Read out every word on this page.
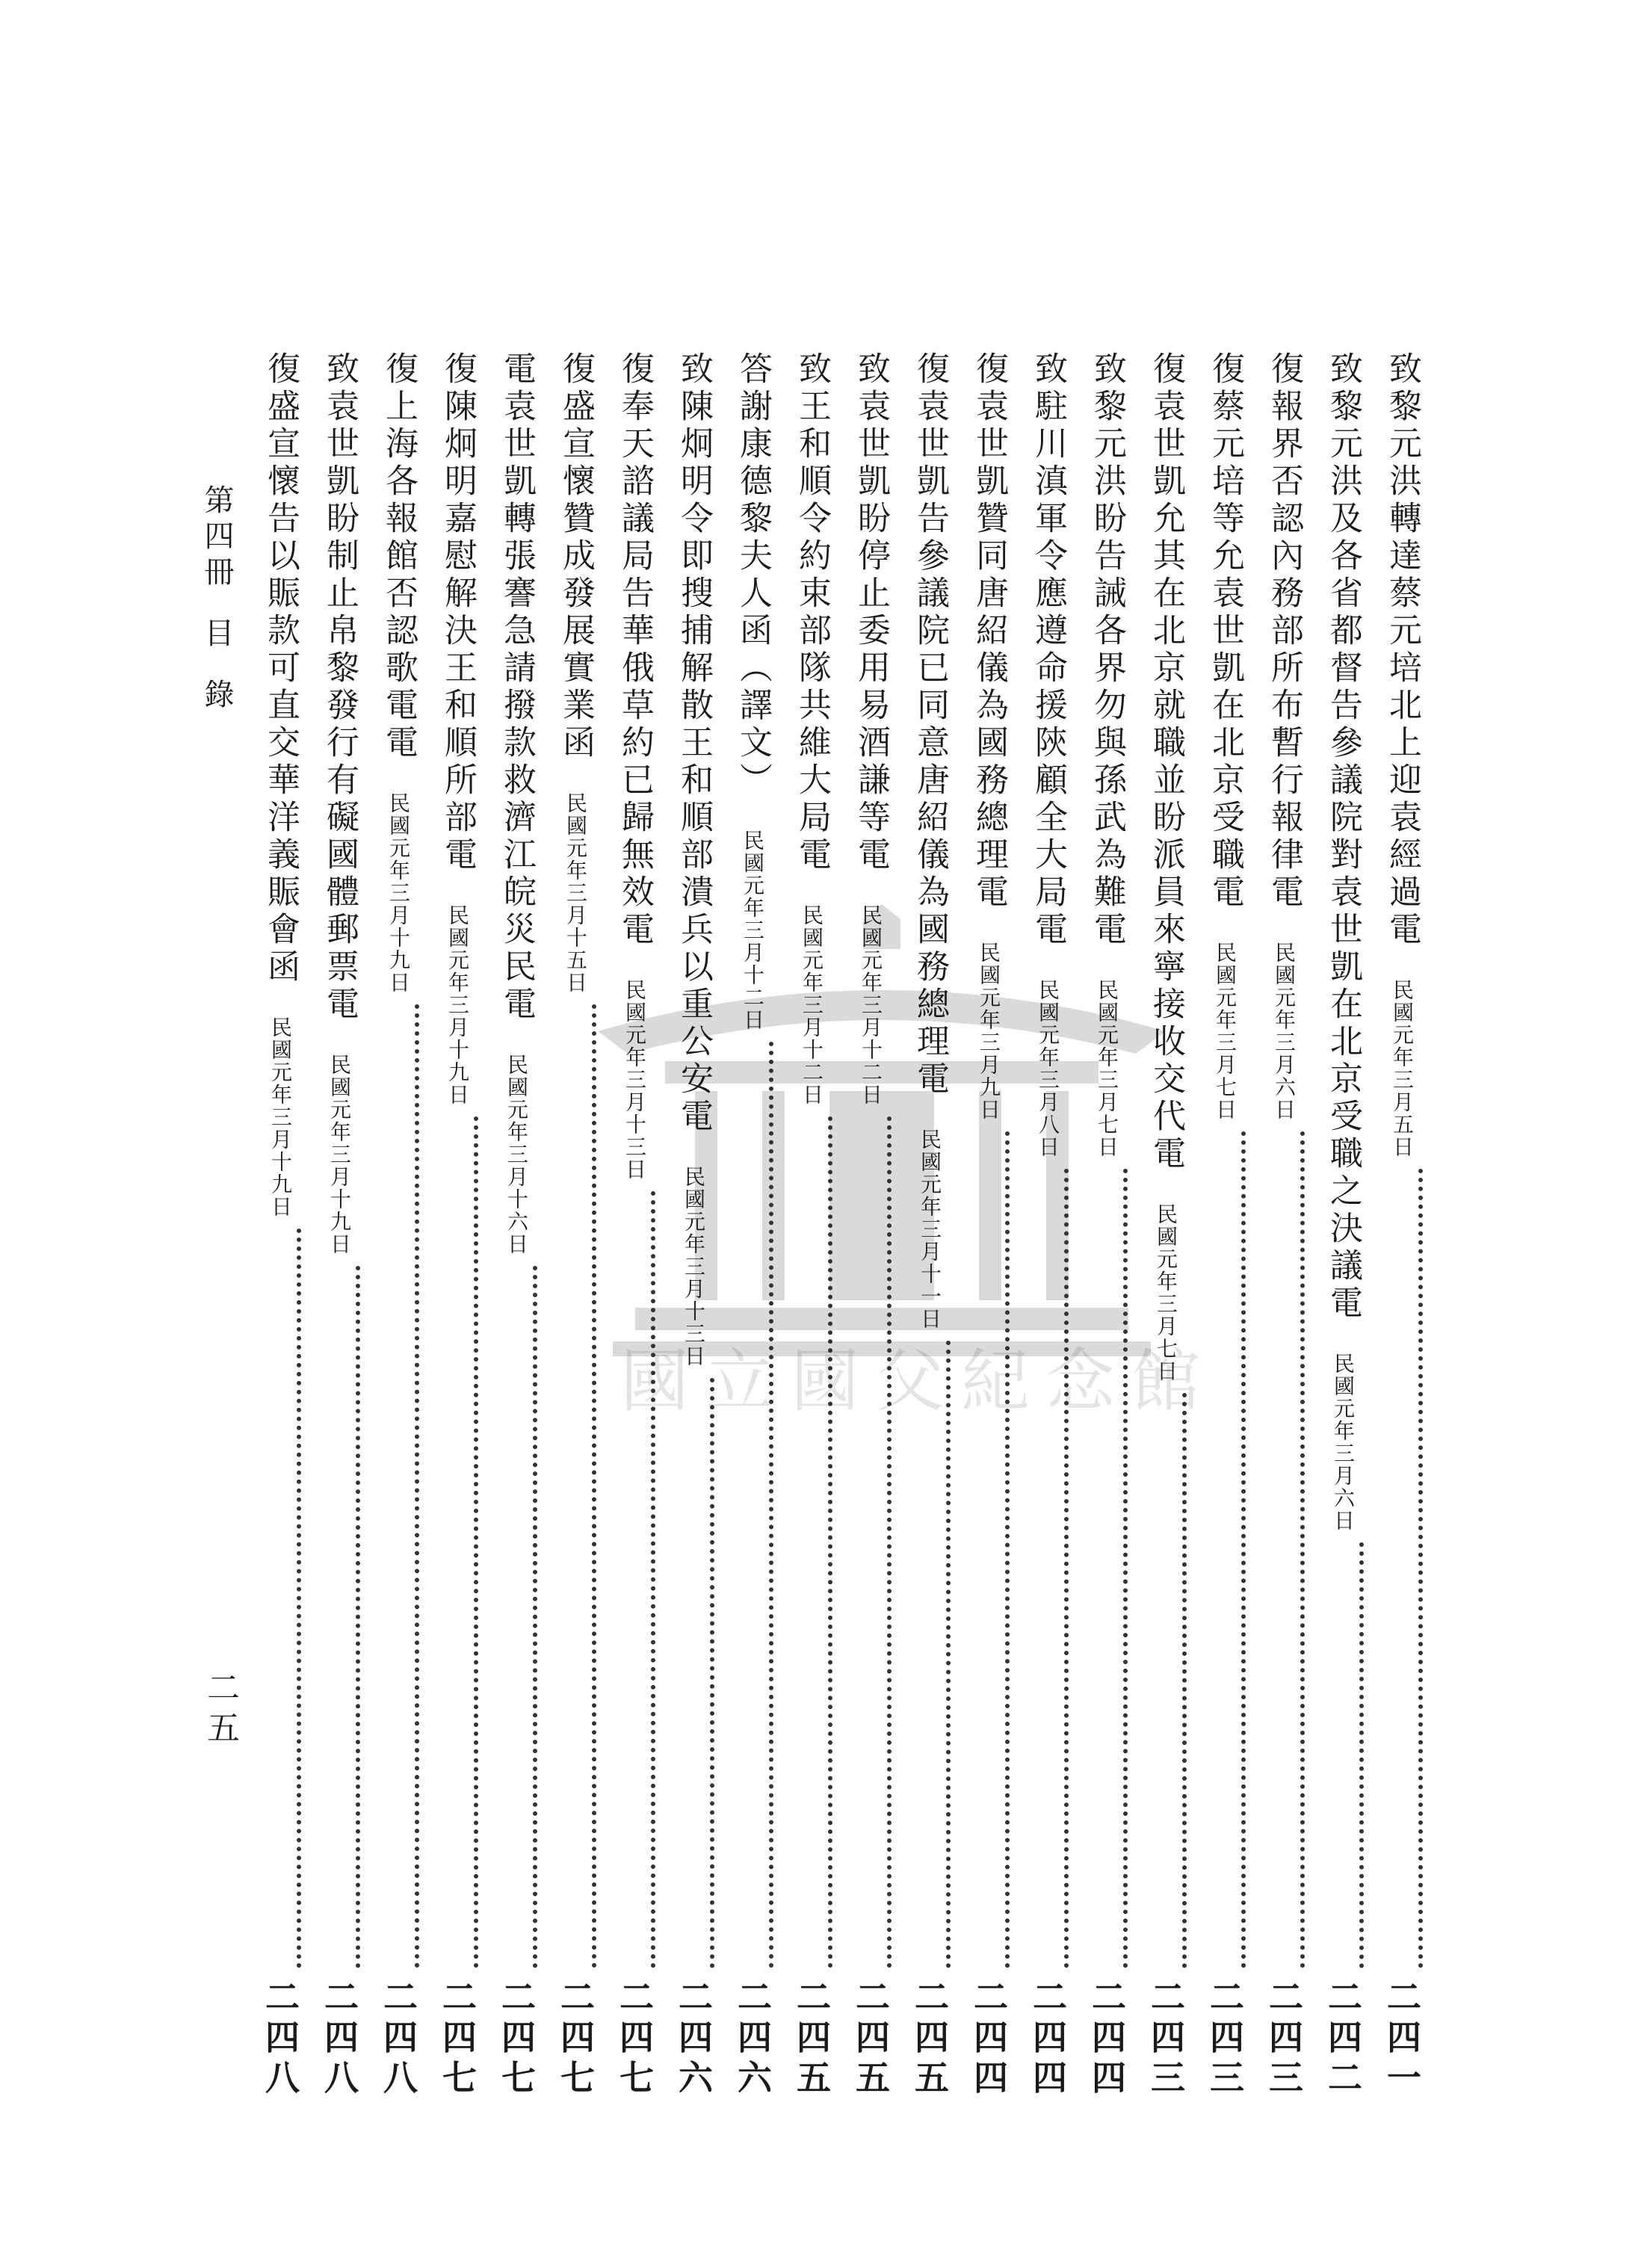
國立國父紀念館
第四冊
目
錄
二五
致黎元洪轉達蔡元培北上迎袁經過電
民國元年三月五日
二四一
致黎元洪及各省都督告參議院對袁世凱在北京受職之決議電
民國元年三月六日
二四二
復報界否認內務部所布暫行報律電
民國元年三月六日
二四三
復蔡元培等允袁世凱在北京受職電
民國元年三月七日
二四三
復袁世凱允其在北京就職並盼派員來寧接收交代電
民國元年三月七日
二四三
致黎元洪盼告誡各界勿與孫武為難電
民國元年三月七日
二四四
致駐川滇軍令應遵命援陝顧全大局電
民國元年三月八日
二四四
復袁世凱贊同唐紹儀為國務總理電
民國元年三月九日
二四四
復袁世凱告參議院已同意唐紹儀為國務總理電
民國元年三月十一日
二四五
致袁世凱盼停止委用易酒謙等電
民國元年三月十二日
二四五
致王和順令約束部隊共維大局電
民國元年三月十二日
二四五
答謝康德黎夫人函（譯文）
民國元年三月十二日
二四六
致陳炯明令即搜捕解散王和順部潰兵以重公安電
民國元年三月十三日
二四六
復奉天諮議局告華俄草約已歸無效電
民國元年三月十三日
二四七
復盛宣懷贊成發展實業函
民國元年三月十五日
二四七
電袁世凱轉張謇急請撥款救濟江皖災民電
民國元年三月十六日
二四七
復陳炯明嘉慰解決王和順所部電
民國元年三月十九日
二四七
復上海各報館否認歌電電
民國元年三月十九日
二四八
致袁世凱盼制止帛黎發行有礙國體郵票電
民國元年三月十九日
二四八
復盛宣懷告以賑款可直交華洋義賑會函
民國元年三月十九日
二四八
